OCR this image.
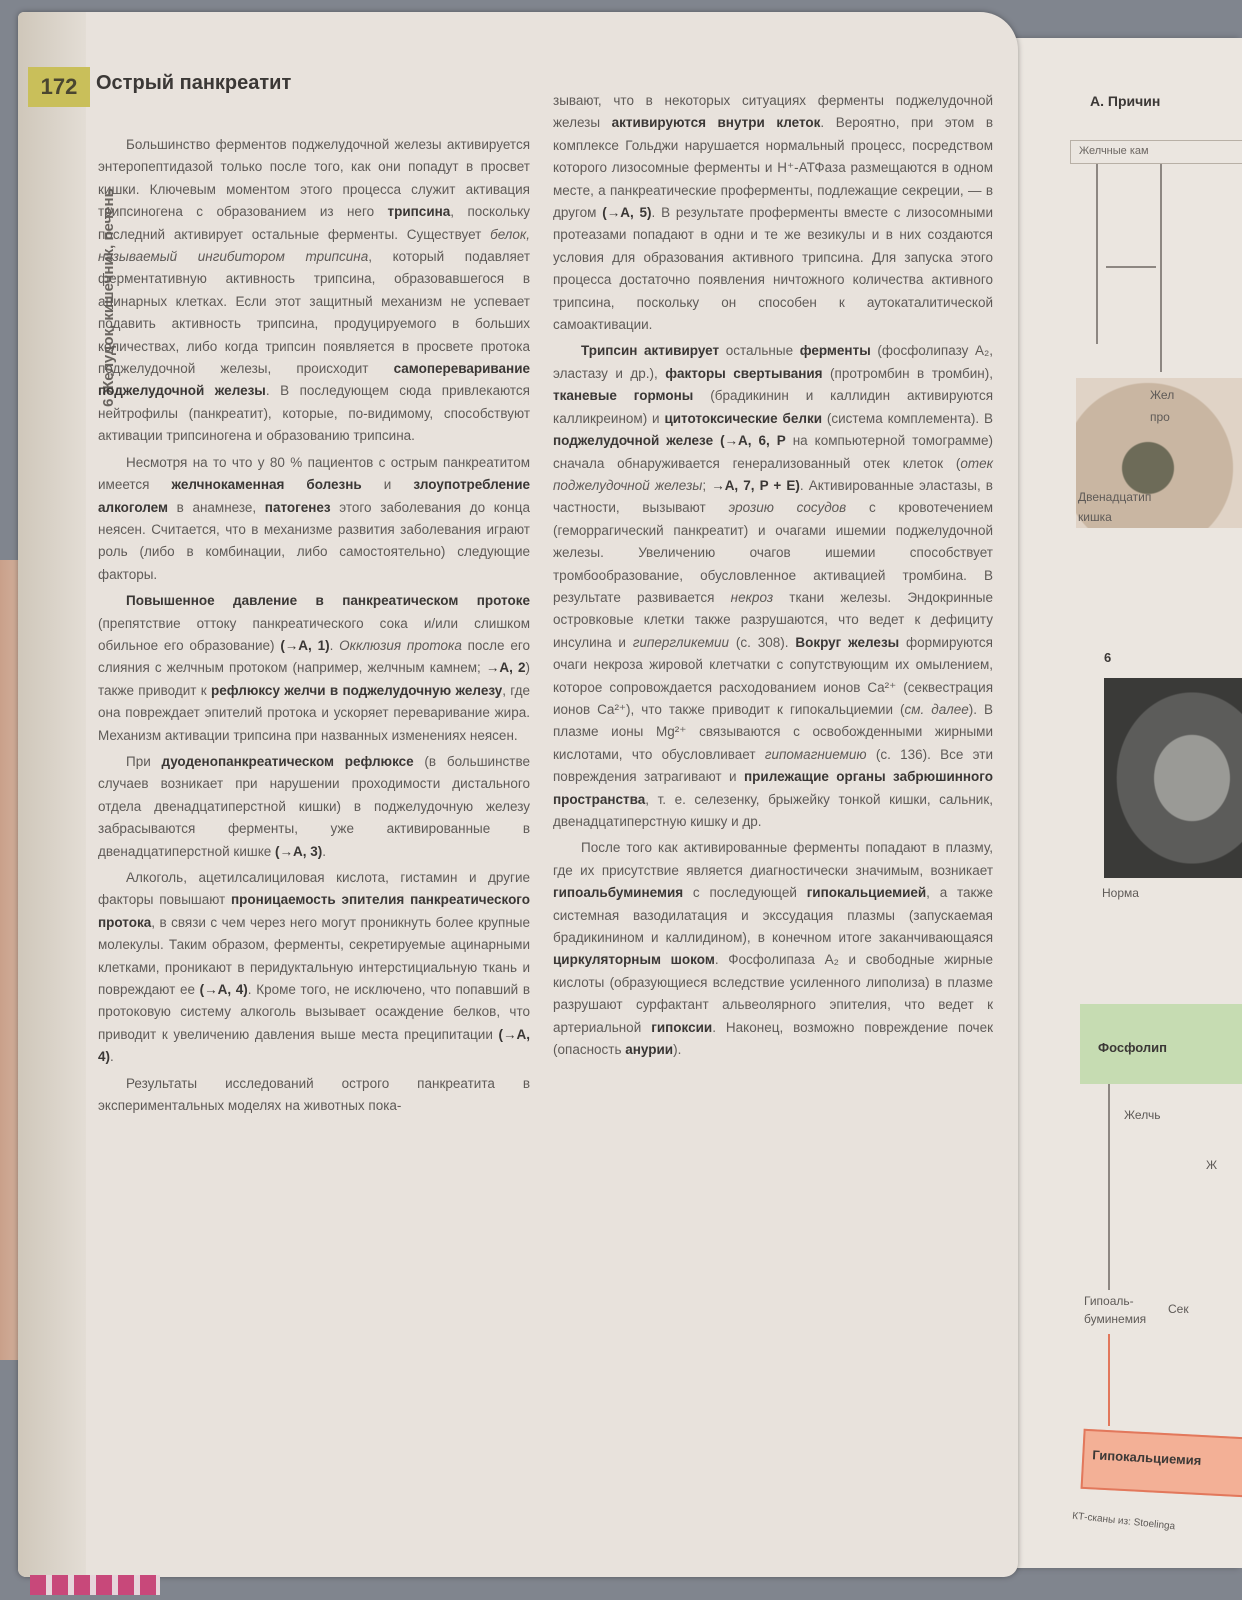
А. Причин
Желчные кам
Жел
про
Двенадцатип
кишка
6
Норма
Фосфолип
Желчь
Ж
Гипоаль-
буминемия
Сек
Гипокальциемия
КТ-сканы из: Stoelinga
172
6 Желудок, кишечник, печень
Острый панкреатит

Большинство ферментов поджелудочной железы активируется энтеропептидазой только после того, как они попадут в просвет кишки. Ключевым моментом этого процесса служит активация трипсиногена с образованием из него трипсина, поскольку последний активирует остальные ферменты. Существует белок, называемый ингибитором трипсина, который подавляет ферментативную активность трипсина, образовавшегося в ацинарных клетках. Если этот защитный механизм не успевает подавить активность трипсина, продуцируемого в больших количествах, либо когда трипсин появляется в просвете протока поджелудочной железы, происходит самопереваривание поджелудочной железы. В последующем сюда привлекаются нейтрофилы (панкреатит), которые, по-видимому, способствуют активации трипсиногена и образованию трипсина.

Несмотря на то что у 80 % пациентов с острым панкреатитом имеется желчнокаменная болезнь и злоупотребление алкоголем в анамнезе, патогенез этого заболевания до конца неясен. Считается, что в механизме развития заболевания играют роль (либо в комбинации, либо самостоятельно) следующие факторы.

Повышенное давление в панкреатическом протоке (препятствие оттоку панкреатического сока и/или слишком обильное его образование) (→A, 1). Окклюзия протока после его слияния с желчным протоком (например, желчным камнем; →A, 2) также приводит к рефлюксу желчи в поджелудочную железу, где она повреждает эпителий протока и ускоряет переваривание жира. Механизм активации трипсина при названных изменениях неясен.

При дуоденопанкреатическом рефлюксе (в большинстве случаев возникает при нарушении проходимости дистального отдела двенадцатиперстной кишки) в поджелудочную железу забрасываются ферменты, уже активированные в двенадцатиперстной кишке (→A, 3).

Алкоголь, ацетилсалициловая кислота, гистамин и другие факторы повышают проницаемость эпителия панкреатического протока, в связи с чем через него могут проникнуть более крупные молекулы. Таким образом, ферменты, секретируемые ацинарными клетками, проникают в перидуктальную интерстициальную ткань и повреждают ее (→A, 4). Кроме того, не исключено, что попавший в протоковую систему алкоголь вызывает осаждение белков, что приводит к увеличению давления выше места преципитации (→A, 4).

Результаты исследований острого панкреатита в экспериментальных моделях на животных пока-

зывают, что в некоторых ситуациях ферменты поджелудочной железы активируются внутри клеток. Вероятно, при этом в комплексе Гольджи нарушается нормальный процесс, посредством которого лизосомные ферменты и H⁺-АТФаза размещаются в одном месте, а панкреатические проферменты, подлежащие секреции, — в другом (→A, 5). В результате проферменты вместе с лизосомными протеазами попадают в одни и те же везикулы и в них создаются условия для образования активного трипсина. Для запуска этого процесса достаточно появления ничтожного количества активного трипсина, поскольку он способен к аутокаталитической самоактивации.

Трипсин активирует остальные ферменты (фосфолипазу A₂, эластазу и др.), факторы свертывания (протромбин в тромбин), тканевые гормоны (брадикинин и каллидин активируются калликреином) и цитотоксические белки (система комплемента). В поджелудочной железе (→A, 6, P на компьютерной томограмме) сначала обнаруживается генерализованный отек клеток (отек поджелудочной железы; →A, 7, P + E). Активированные эластазы, в частности, вызывают эрозию сосудов с кровотечением (геморрагический панкреатит) и очагами ишемии поджелудочной железы. Увеличению очагов ишемии способствует тромбообразование, обусловленное активацией тромбина. В результате развивается некроз ткани железы. Эндокринные островковые клетки также разрушаются, что ведет к дефициту инсулина и гипергликемии (с. 308). Вокруг железы формируются очаги некроза жировой клетчатки с сопутствующим их омылением, которое сопровождается расходованием ионов Ca²⁺ (секвестрация ионов Ca²⁺), что также приводит к гипокальциемии (см. далее). В плазме ионы Mg²⁺ связываются с освобожденными жирными кислотами, что обусловливает гипомагниемию (с. 136). Все эти повреждения затрагивают и прилежащие органы забрюшинного пространства, т. е. селезенку, брыжейку тонкой кишки, сальник, двенадцатиперстную кишку и др.

После того как активированные ферменты попадают в плазму, где их присутствие является диагностически значимым, возникает гипоальбуминемия с последующей гипокальциемией, а также системная вазодилатация и экссудация плазмы (запускаемая брадикинином и каллидином), в конечном итоге заканчивающаяся циркуляторным шоком. Фосфолипаза A₂ и свободные жирные кислоты (образующиеся вследствие усиленного липолиза) в плазме разрушают сурфактант альвеолярного эпителия, что ведет к артериальной гипоксии. Наконец, возможно повреждение почек (опасность анурии).
